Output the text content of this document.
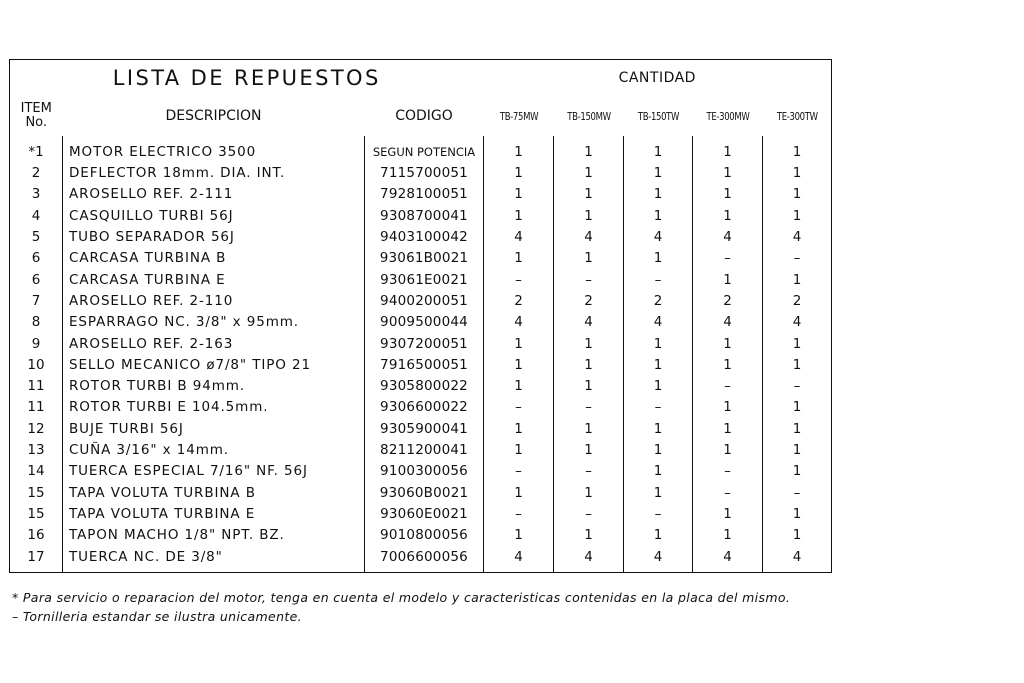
LISTA DE REPUESTOS			CANTIDAD				
ITEM
No.	DESCRIPCION	CODIGO	TB-75MW	TB-150MW	TB-150TW	TE-300MW	TE-300TW
*1	MOTOR ELECTRICO 3500	SEGUN POTENCIA	1	1	1	1	1
2	DEFLECTOR 18mm. DIA. INT.	7115700051	1	1	1	1	1
3	AROSELLO REF. 2-111	7928100051	1	1	1	1	1
4	CASQUILLO TURBI 56J	9308700041	1	1	1	1	1
5	TUBO SEPARADOR 56J	9403100042	4	4	4	4	4
6	CARCASA TURBINA B	93061B0021	1	1	1	–	–
6	CARCASA TURBINA E	93061E0021	–	–	–	1	1
7	AROSELLO REF. 2-110	9400200051	2	2	2	2	2
8	ESPARRAGO NC. 3/8" x 95mm.	9009500044	4	4	4	4	4
9	AROSELLO REF. 2-163	9307200051	1	1	1	1	1
10	SELLO MECANICO ø7/8" TIPO 21	7916500051	1	1	1	1	1
11	ROTOR TURBI B 94mm.	9305800022	1	1	1	–	–
11	ROTOR TURBI E 104.5mm.	9306600022	–	–	–	1	1
12	BUJE TURBI 56J	9305900041	1	1	1	1	1
13	CUÑA 3/16" x 14mm.	8211200041	1	1	1	1	1
14	TUERCA ESPECIAL 7/16" NF. 56J	9100300056	–	–	1	–	1
15	TAPA VOLUTA TURBINA B	93060B0021	1	1	1	–	–
15	TAPA VOLUTA TURBINA E	93060E0021	–	–	–	1	1
16	TAPON MACHO 1/8" NPT. BZ.	9010800056	1	1	1	1	1
17	TUERCA NC. DE 3/8"	7006600056	4	4	4	4	4
* Para servicio o reparacion del motor, tenga en cuenta el modelo y caracteristicas contenidas en la placa del mismo.
– Tornilleria estandar se ilustra unicamente.
